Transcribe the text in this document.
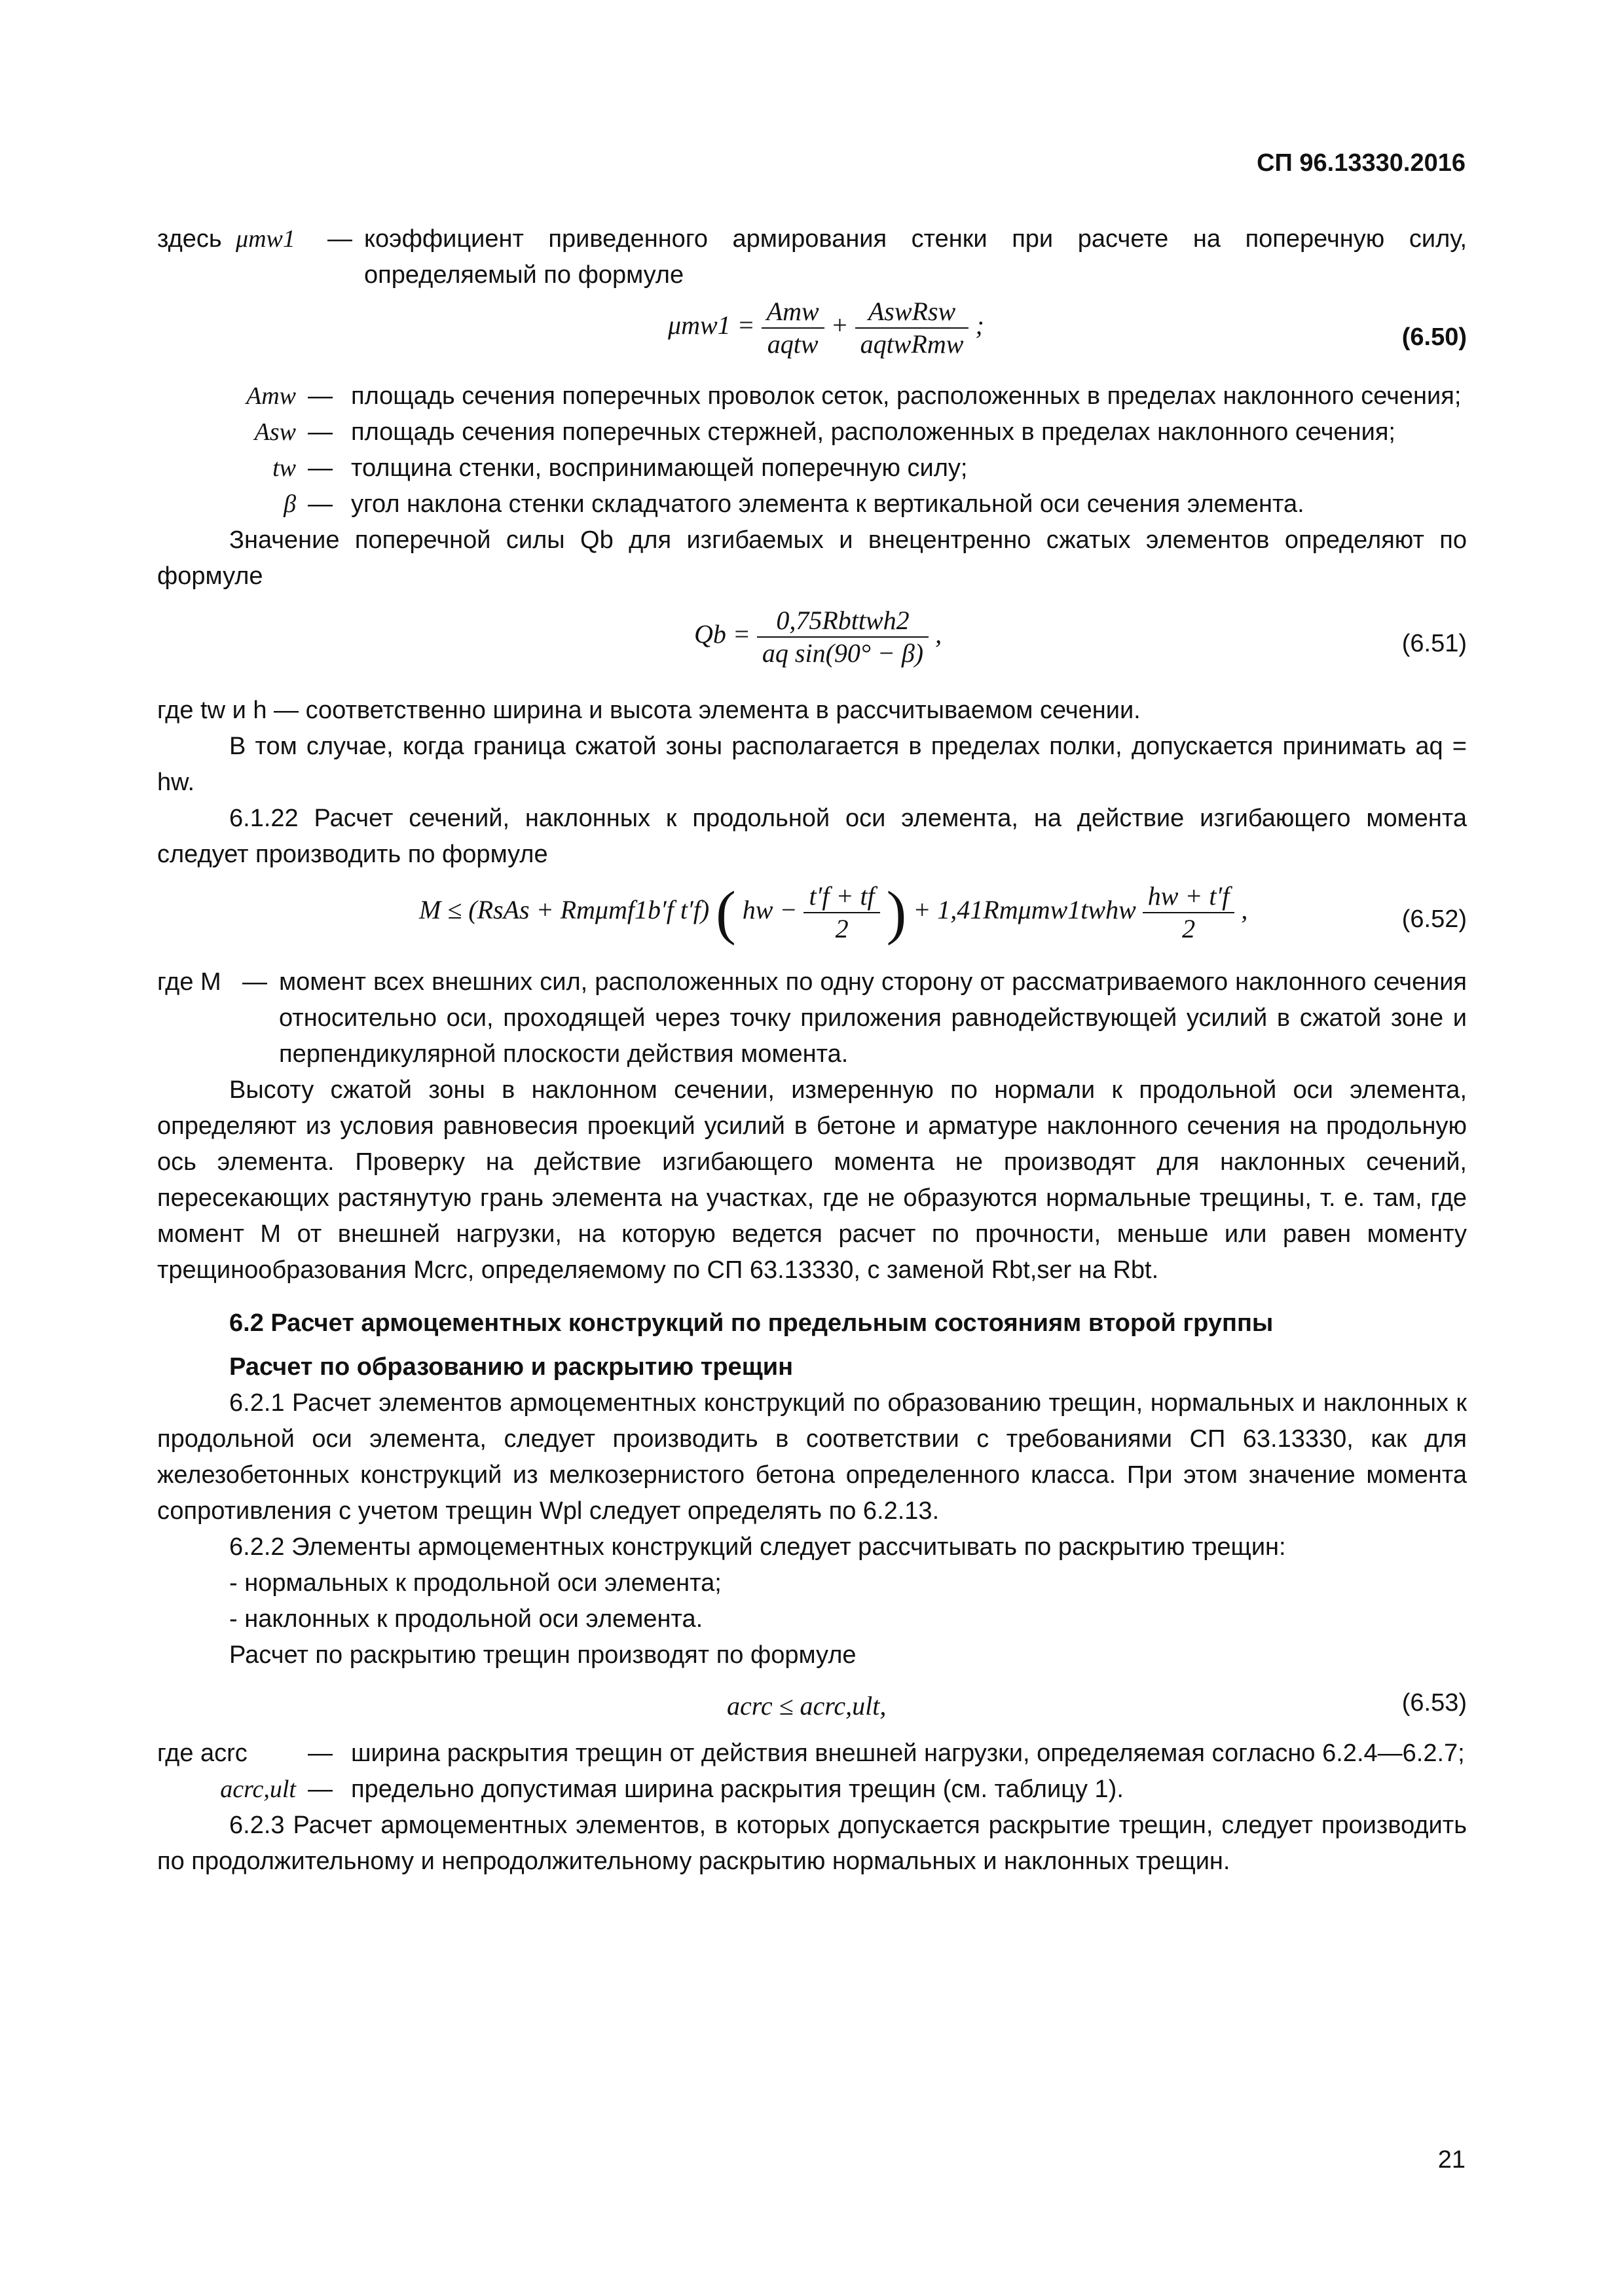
СП 96.13330.2016
здесь μmw1	— коэффициент приведенного армирования стенки при расчете на поперечную силу, определяемый по формуле
$\mu mw1 = \frac{\text{Amw}}{\text{aqtw}} + \frac{\text{AswRsw}}{\text{aqtwRmw}}$ ;	(6.50)
Amw — площадь сечения поперечных проволок сеток, расположенных в пределах наклонного сечения;
Asw — площадь сечения поперечных стержней, расположенных в пределах наклонного сечения;
tw — толщина стенки, воспринимающей поперечную силу;
β — угол наклона стенки складчатого элемента к вертикальной оси сечения элемента.

Значение поперечной силы Qb для изгибаемых и внецентренно сжатых элементов определяют по формуле

$Qb = \frac{\text{0,75Rbttwh2}}{\text{aq sin(90° − β)}}$ ,	(6.51)

где tw и h — соответственно ширина и высота элемента в рассчитываемом сечении.

В том случае, когда граница сжатой зоны располагается в пределах полки, допускается принимать aq = hw.

6.1.22 Расчет сечений, наклонных к продольной оси элемента, на действие изгибающего момента следует производить по формуле

M ≤ (RsAs + Rmμmf1b′f t′f) ( hw − $\frac{t'f + tf}{2}$ ) + 1,41Rmμmw1twhw $\frac{hw + t'f}{2}$ ,	(6.52)
где M — момент всех внешних сил, расположенных по одну сторону от рассматриваемого наклонного сечения относительно оси, проходящей через точку приложения равнодействующей усилий в сжатой зоне и перпендикулярной плоскости действия момента.

Высоту сжатой зоны в наклонном сечении, измеренную по нормали к продольной оси элемента, определяют из условия равновесия проекций усилий в бетоне и арматуре наклонного сечения на продольную ось элемента. Проверку на действие изгибающего момента не производят для наклонных сечений, пересекающих растянутую грань элемента на участках, где не образуются нормальные трещины, т. е. там, где момент M от внешней нагрузки, на которую ведется расчет по прочности, меньше или равен моменту трещинообразования Mcrc, определяемому по СП 63.13330, с заменой Rbt,ser на Rbt.

6.2 Расчет армоцементных конструкций по предельным состояниям второй группы

Расчет по образованию и раскрытию трещин

6.2.1 Расчет элементов армоцементных конструкций по образованию трещин, нормальных и наклонных к продольной оси элемента, следует производить в соответствии с требованиями СП 63.13330, как для железобетонных конструкций из мелкозернистого бетона определенного класса. При этом значение момента сопротивления с учетом трещин Wpl следует определять по 6.2.13.

6.2.2 Элементы армоцементных конструкций следует рассчитывать по раскрытию трещин:

- нормальных к продольной оси элемента;

- наклонных к продольной оси элемента.

Расчет по раскрытию трещин производят по формуле

acrc ≤ acrc,ult,	(6.53)
где acrc	— ширина раскрытия трещин от действия внешней нагрузки, определяемая согласно 6.2.4—6.2.7;
acrc,ult — предельно допустимая ширина раскрытия трещин (см. таблицу 1).

6.2.3 Расчет армоцементных элементов, в которых допускается раскрытие трещин, следует производить по продолжительному и непродолжительному раскрытию нормальных и наклонных трещин.

21
